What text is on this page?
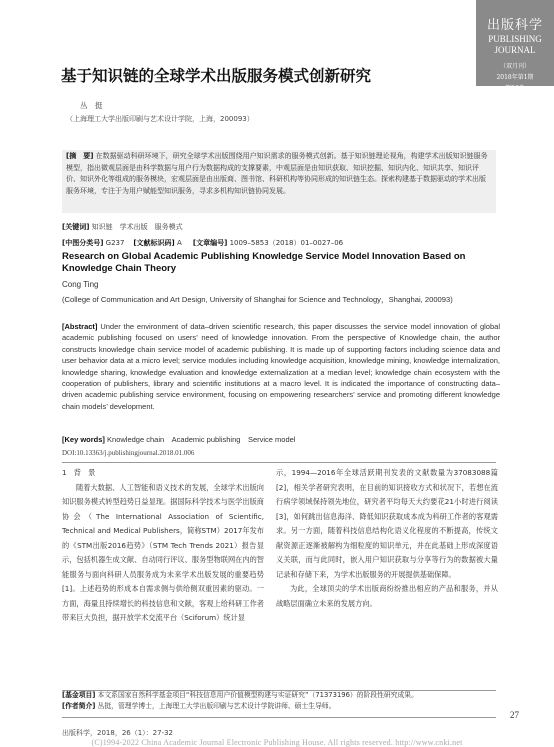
出版科学
PUBLISHING
JOURNAL
（双月刊）
2018年第1期
第26卷
基于知识链的全球学术出版服务模式创新研究
丛　挺
（上海理工大学出版印刷与艺术设计学院，上海，200093）
[摘　要] 在数据驱动科研环境下，研究全球学术出版围绕用户知识需求的服务模式创新。基于知识链理论视角，构建学术出版知识链服务模型，指出微观层面是由科学数据与用户行为数据构成的支撑要素，中观层面是由知识获取、知识挖掘、知识内化、知识共享、知识评价、知识外化等组成的服务模块，宏观层面是由出版商、图书馆、科研机构等协同形成的知识链生态。探索构建基于数据驱动的学术出版服务环境，专注于为用户赋能型知识服务，寻求多机构知识链协同发展。
[关键词] 知识链　学术出版　服务模式
[中图分类号] G237 [文献标识码] A [文章编号] 1009–5853（2018）01–0027–06
Research on Global Academic Publishing Knowledge Service Model Innovation Based on Knowledge Chain Theory
Cong Ting
(College of Communication and Art Design, University of Shanghai for Science and Technology，Shanghai, 200093)
[Abstract] Under the environment of data–driven scientific research, this paper discusses the service model innovation of global academic publishing focused on users’ need of knowledge innovation. From the perspective of Knowledge chain, the author constructs knowledge chain service model of academic publishing. It is made up of supporting factors including science data and user behavior data at a micro level; service modules including knowledge acquisition, knowledge mining, knowledge internalization, knowledge sharing, knowledge evaluation and knowledge externalization at a median level; knowledge chain ecosystem with the cooperation of publishers, library and scientific institutions at a macro level. It is indicated the importance of constructing data–driven academic publishing service environment, focusing on empowering researchers’ service and promoting different knowledge chain models’ development.
[Key words] Knowledge chain　Academic publishing　Service model
DOI:10.13363/j.publishingjournal.2018.01.006
1　背　景
随着大数据、人工智能和语义技术的发展，全球学术出版向知识服务模式转型趋势日益显现。据国际科学技术与医学出版商协会（The International Association of Scientific, Technical and Medical Publishers，简称STM）2017年发布的《STM出版2016趋势》（STM Tech Trends 2021）报告显示，包括机器生成文献、自动同行评议、服务型物联网在内的智能服务与面向科研人员服务成为未来学术出版发展的重要趋势[1]。上述趋势的形成本自需求侧与供给侧双重因素的驱动。一方面，海量且持续增长的科技信息和文献，客观上给科研工作者带来巨大负担，据开放学术交流平台（Sciforum）统计显
示，1994—2016年全球活跃期刊发表的文献数量为37083088篇[2]，相关学者研究表明，在目前的知识接收方式和状况下，若想在流行病学领域保持领先地位，研究者平均每天大约要花21小时进行阅读[3]，如何跳出信息海洋、降低知识获取成本成为科研工作者的客观需求。另一方面，随着科技信息结构化语义化程度的不断提高，传统文献资源正逐渐被解构为细粒度的知识单元，并在此基础上形成深度语义关联，而与此同时，嵌入用户知识获取与分享等行为的数据被大量记录和存储下来，为学术出版服务的开展提供基础保障。
为此，全球顶尖的学术出版商纷纷推出相应的产品和服务，并从战略层面确立未来的发展方向。
[基金项目] 本文系国家自然科学基金项目“科技信息用户价值模型构建与实证研究”（71373196）的阶段性研究成果。
[作者简介] 丛挺，管理学博士，上海理工大学出版印刷与艺术设计学院讲师、硕士生导师。
27
出版科学，2018，26（1）：27-32
(C)1994-2022 China Academic Journal Electronic Publishing House. All rights reserved. http://www.cnki.net
